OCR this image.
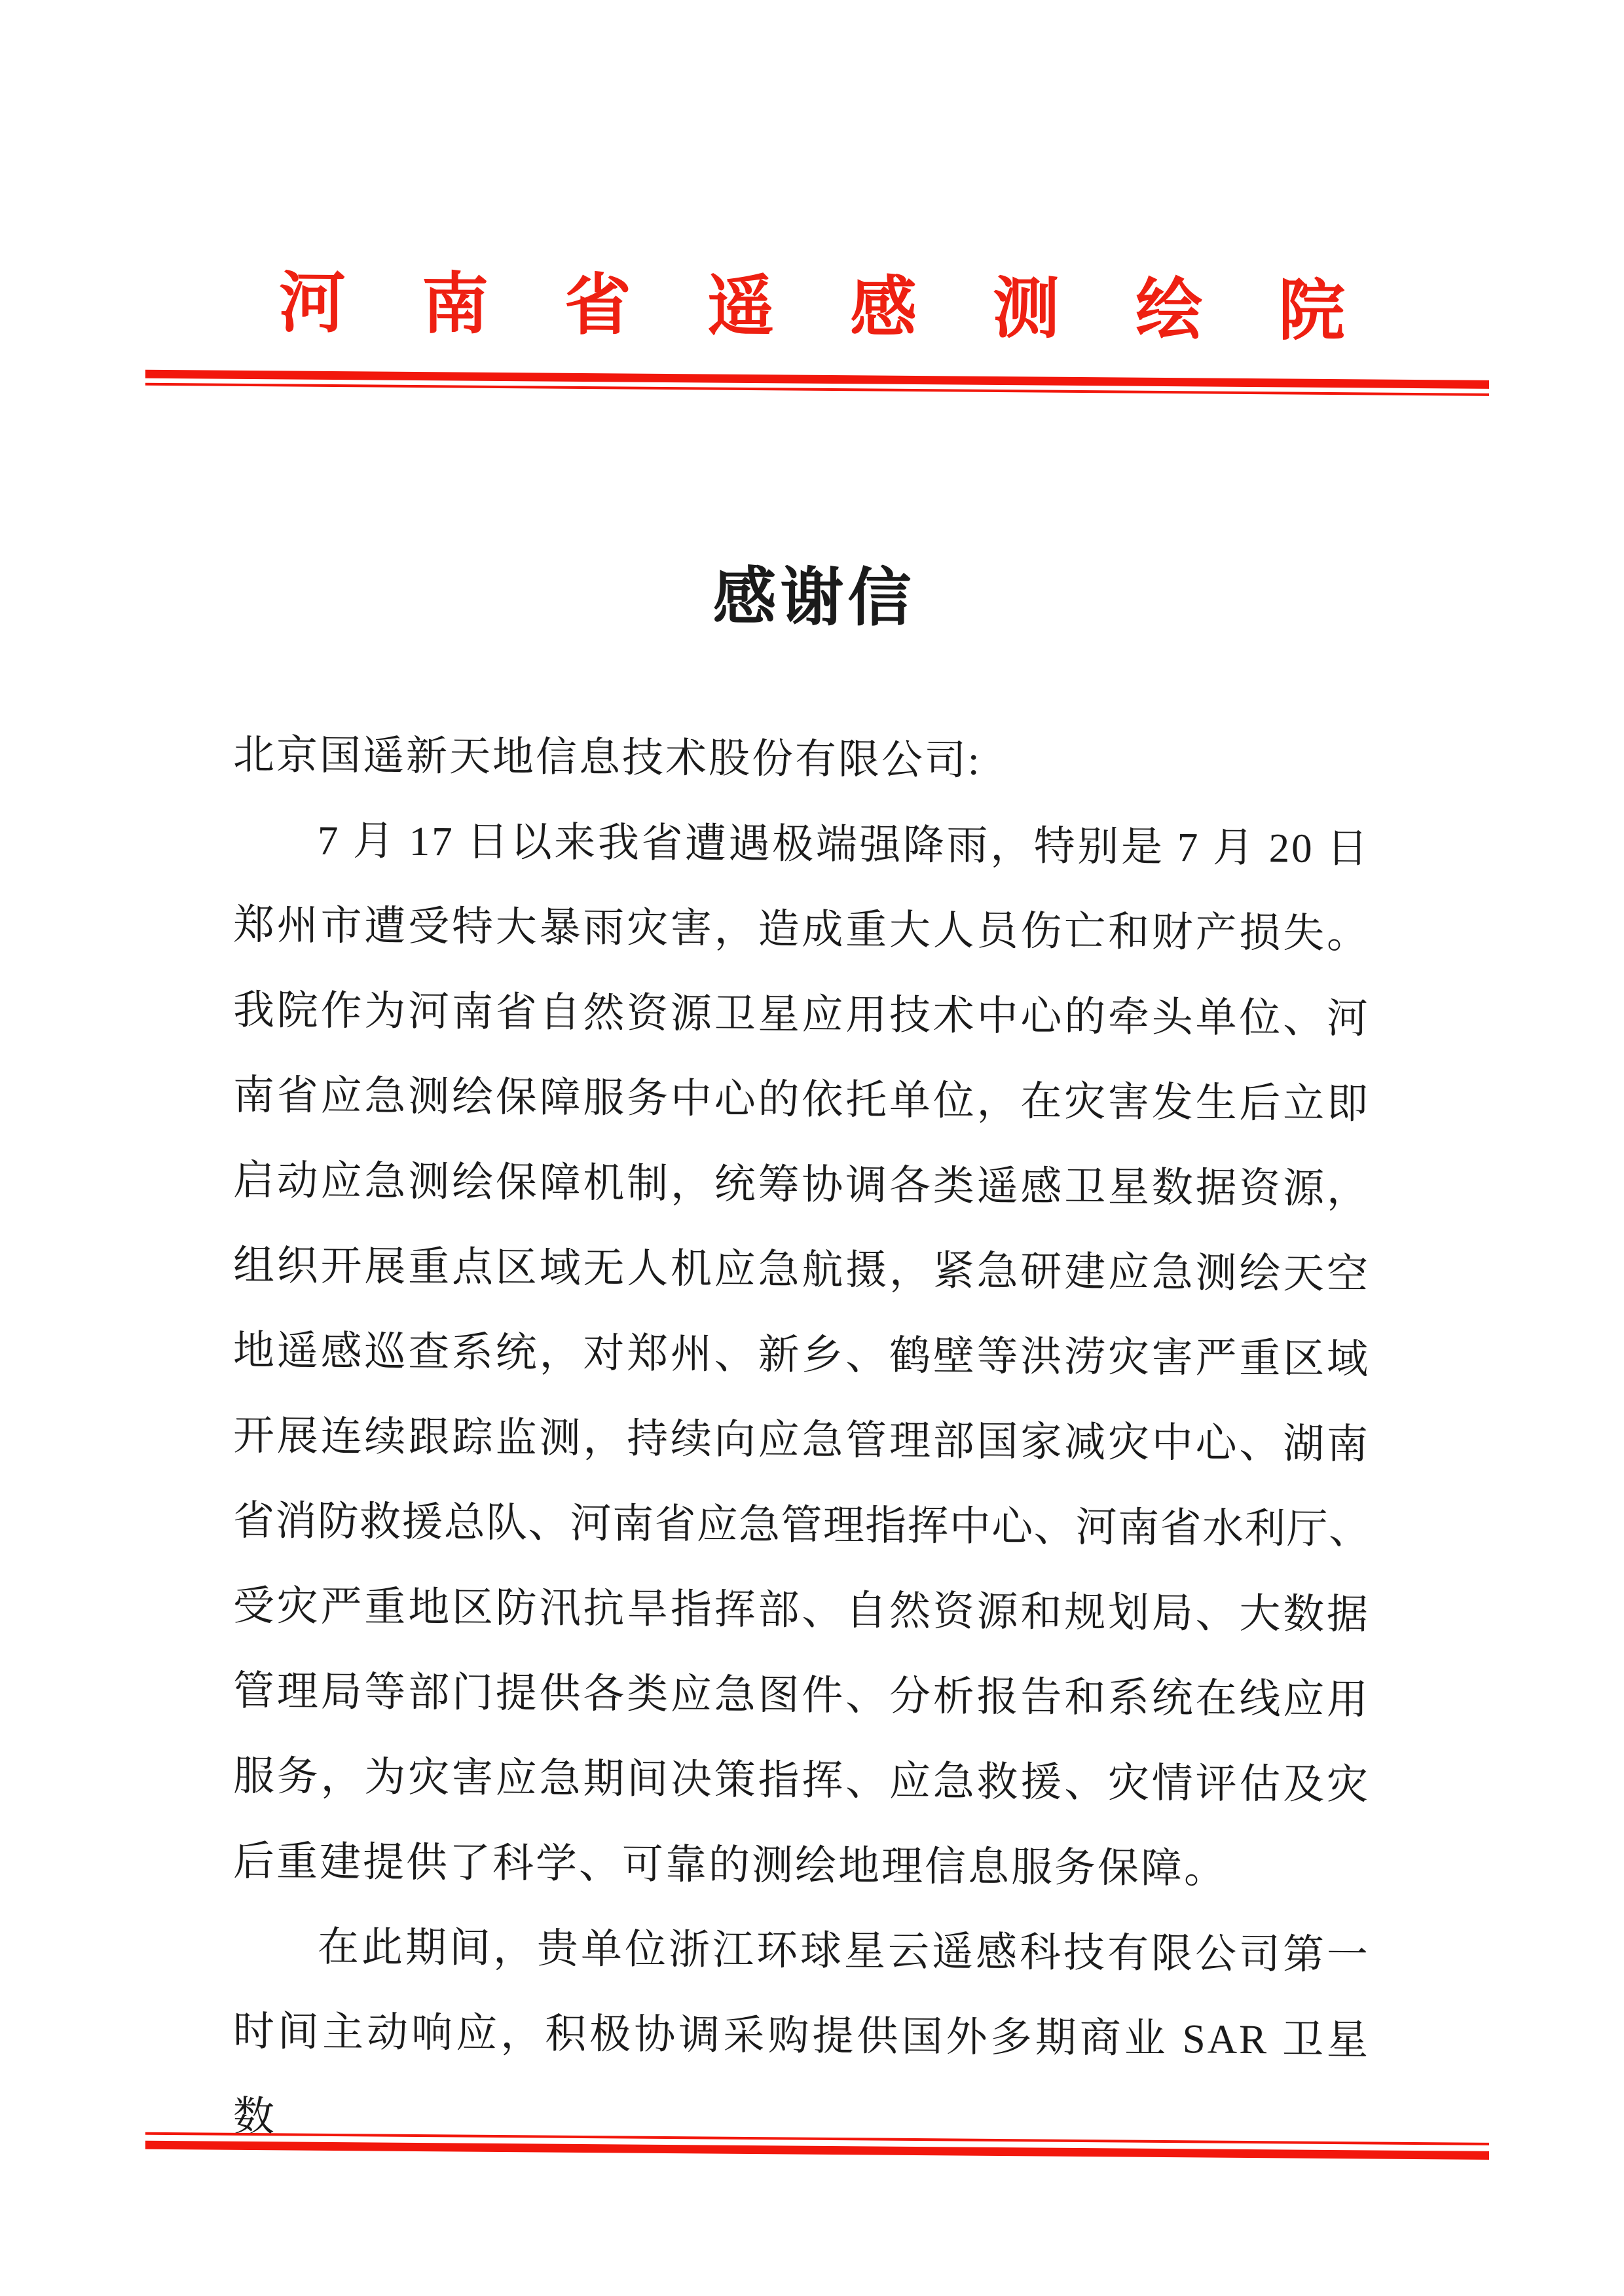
河南省遥感测绘院
感谢信
北京国遥新天地信息技术股份有限公司:
7 月 17 日以来我省遭遇极端强降雨，特别是 7 月 20 日
郑州市遭受特大暴雨灾害，造成重大人员伤亡和财产损失。
我院作为河南省自然资源卫星应用技术中心的牵头单位、河
南省应急测绘保障服务中心的依托单位，在灾害发生后立即
启动应急测绘保障机制，统筹协调各类遥感卫星数据资源，
组织开展重点区域无人机应急航摄，紧急研建应急测绘天空
地遥感巡查系统，对郑州、新乡、鹤壁等洪涝灾害严重区域
开展连续跟踪监测，持续向应急管理部国家减灾中心、湖南
省消防救援总队、河南省应急管理指挥中心、河南省水利厅、
受灾严重地区防汛抗旱指挥部、自然资源和规划局、大数据
管理局等部门提供各类应急图件、分析报告和系统在线应用
服务，为灾害应急期间决策指挥、应急救援、灾情评估及灾
后重建提供了科学、可靠的测绘地理信息服务保障。
在此期间，贵单位浙江环球星云遥感科技有限公司第一
时间主动响应，积极协调采购提供国外多期商业 SAR 卫星数
